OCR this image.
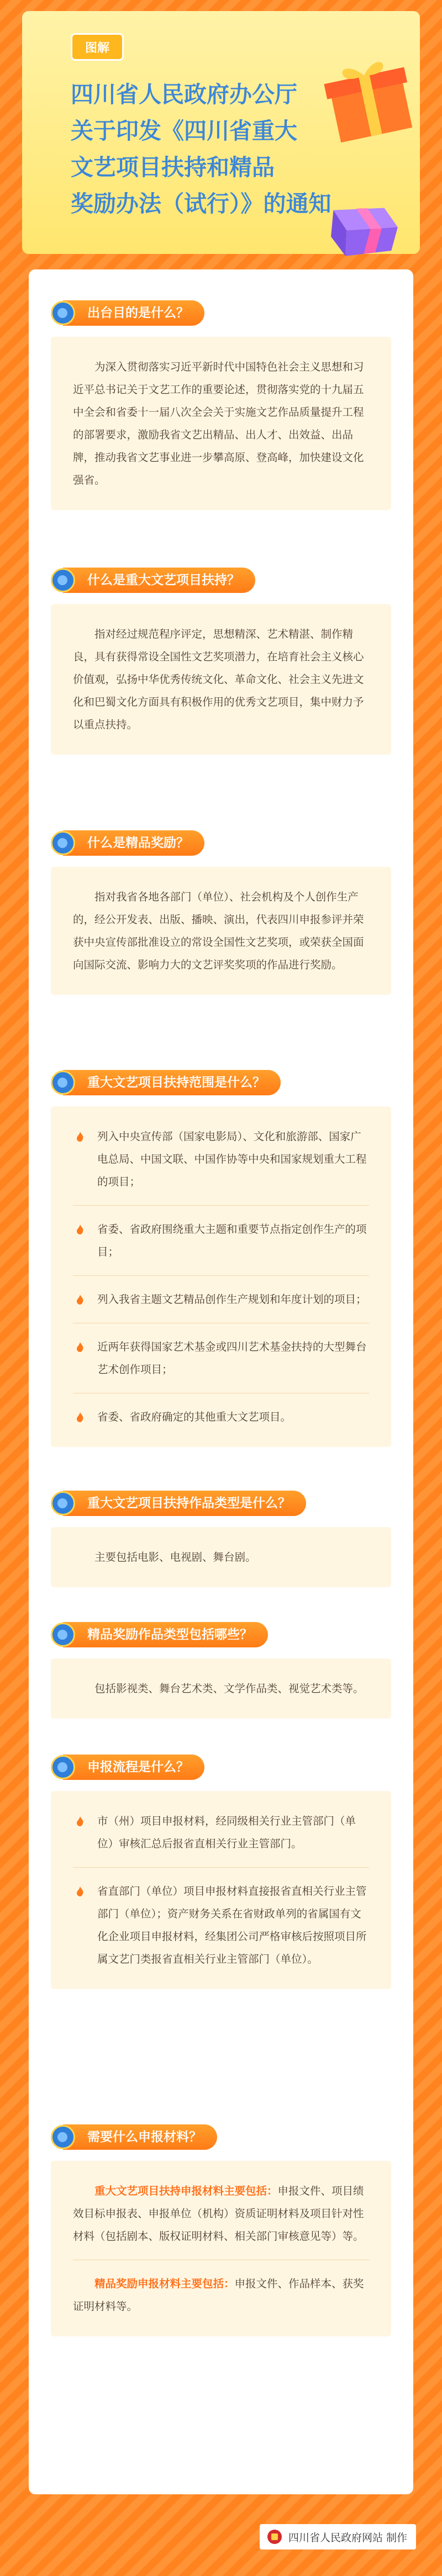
图解
四川省人民政府办公厅
关于印发《四川省重大
文艺项目扶持和精品
奖励办法（试行）》的通知
出台目的是什么？

为深入贯彻落实习近平新时代中国特色社会主义思想和习近平总书记关于文艺工作的重要论述，贯彻落实党的十九届五中全会和省委十一届八次全会关于实施文艺作品质量提升工程的部署要求，激励我省文艺出精品、出人才、出效益、出品牌，推动我省文艺事业进一步攀高原、登高峰，加快建设文化强省。

什么是重大文艺项目扶持？

指对经过规范程序评定，思想精深、艺术精湛、制作精良，具有获得常设全国性文艺奖项潜力，在培育社会主义核心价值观，弘扬中华优秀传统文化、革命文化、社会主义先进文化和巴蜀文化方面具有积极作用的优秀文艺项目，集中财力予以重点扶持。

什么是精品奖励？

指对我省各地各部门（单位）、社会机构及个人创作生产的，经公开发表、出版、播映、演出，代表四川申报参评并荣获中央宣传部批准设立的常设全国性文艺奖项，或荣获全国面向国际交流、影响力大的文艺评奖奖项的作品进行奖励。

重大文艺项目扶持范围是什么？
列入中央宣传部（国家电影局）、文化和旅游部、国家广电总局、中国文联、中国作协等中央和国家规划重大工程的项目；
省委、省政府围绕重大主题和重要节点指定创作生产的项目；
列入我省主题文艺精品创作生产规划和年度计划的项目；
近两年获得国家艺术基金或四川艺术基金扶持的大型舞台艺术创作项目；
省委、省政府确定的其他重大文艺项目。
重大文艺项目扶持作品类型是什么？

主要包括电影、电视剧、舞台剧。

精品奖励作品类型包括哪些？

包括影视类、舞台艺术类、文学作品类、视觉艺术类等。

申报流程是什么？
市（州）项目申报材料，经同级相关行业主管部门（单位）审核汇总后报省直相关行业主管部门。
省直部门（单位）项目申报材料直接报省直相关行业主管部门（单位）；资产财务关系在省财政单列的省属国有文化企业项目申报材料，经集团公司严格审核后按照项目所属文艺门类报省直相关行业主管部门（单位）。
需要什么申报材料？
重大文艺项目扶持申报材料主要包括：申报文件、项目绩效目标申报表、申报单位（机构）资质证明材料及项目针对性材料（包括剧本、版权证明材料、相关部门审核意见等）等。
精品奖励申报材料主要包括：申报文件、作品样本、获奖证明材料等。
四川省人民政府网站 制作
